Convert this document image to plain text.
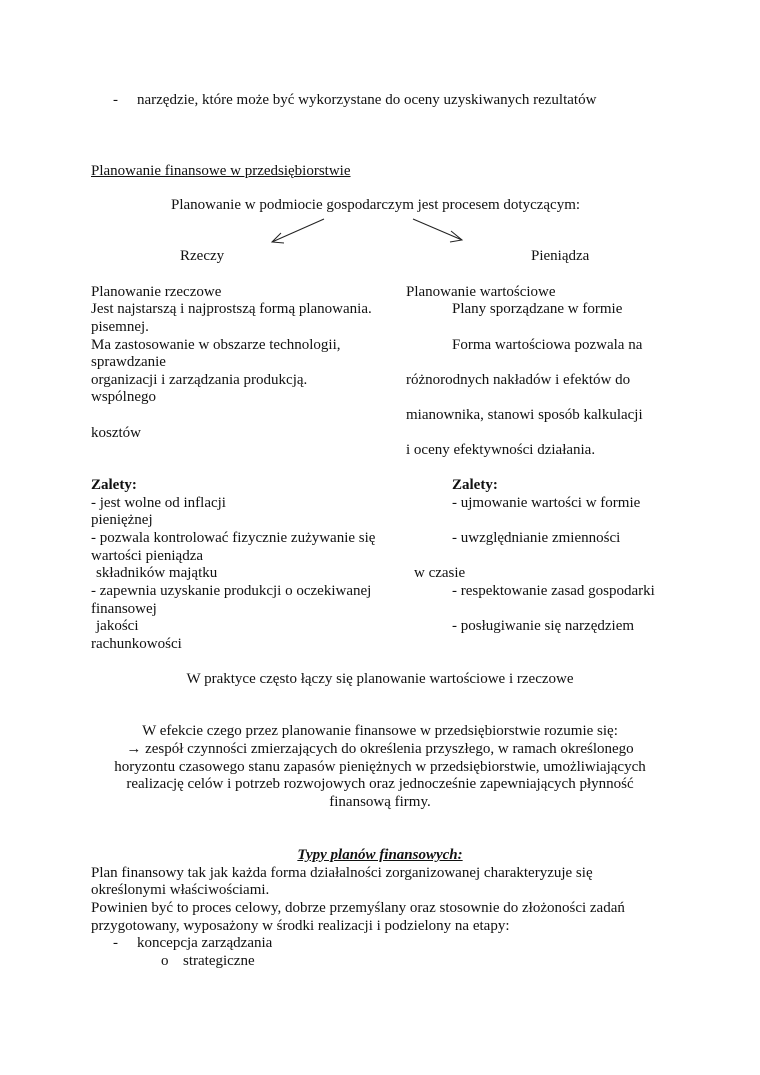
- narzędzie, które może być wykorzystane do oceny uzyskiwanych rezultatów
Planowanie finansowe w przedsiębiorstwie
Planowanie w podmiocie gospodarczym jest procesem dotyczącym:
Rzeczy	Pieniądza
Planowanie rzeczowe
Jest najstarszą i najprostszą formą planowania.
pisemnej.
Ma zastosowanie w obszarze technologii,
sprawdzanie
organizacji i zarządzania produkcją.
wspólnego
kosztów
Planowanie wartościowe
Plany sporządzane w formie
Forma wartościowa pozwala na
różnorodnych nakładów i efektów do
mianownika, stanowi sposób kalkulacji
i oceny efektywności działania.
Zalety:
- jest wolne od inflacji
pieniężnej
- pozwala kontrolować fizycznie zużywanie się
wartości pieniądza
składników majątku
- zapewnia uzyskanie produkcji o oczekiwanej
finansowej
jakości
rachunkowości
Zalety:
- ujmowanie wartości w formie
- uwzględnianie zmienności
w czasie
- respektowanie zasad gospodarki
- posługiwanie się narzędziem
W praktyce często łączy się planowanie wartościowe i rzeczowe
W efekcie czego przez planowanie finansowe w przedsiębiorstwie rozumie się:
→ zespół czynności zmierzających do określenia przyszłego, w ramach określonego
horyzontu czasowego stanu zapasów pieniężnych w przedsiębiorstwie, umożliwiających
realizację celów i potrzeb rozwojowych oraz jednocześnie zapewniających płynność
finansową firmy.
Typy planów finansowych:
Plan finansowy tak jak każda forma działalności zorganizowanej charakteryzuje się
określonymi właściwościami.
Powinien być to proces celowy, dobrze przemyślany oraz stosownie do złożoności zadań
przygotowany, wyposażony w środki realizacji i podzielony na etapy:
- koncepcja zarządzania
o strategiczne
